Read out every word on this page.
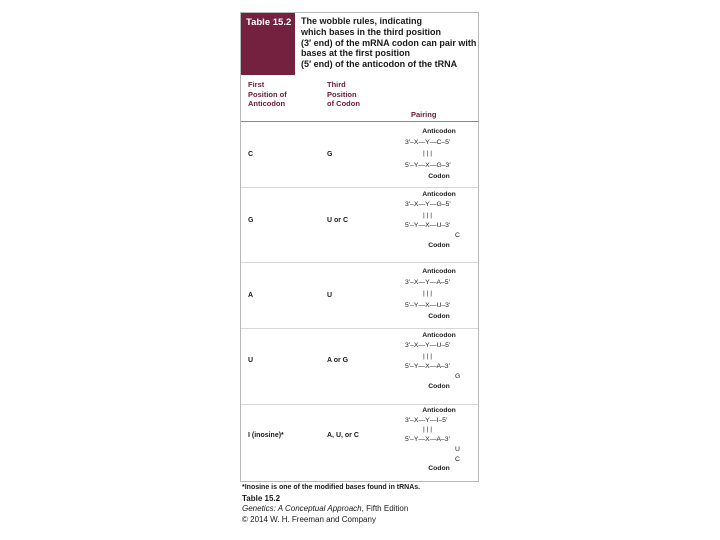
Table 15.2 The wobble rules, indicating
which bases in the third position
(3′ end) of the mRNA codon can pair with
bases at the first position
(5′ end) of the anticodon of the tRNA
First
Position of
Anticodon
Third
Position
of Codon
Pairing
C	G
Anticodon
3′–X—Y—C–5′
| | |
5′–Y—X—G–3′
Codon
G	U or C
Anticodon
3′–X—Y—G–5′
| | |
5′–Y—X—U–3′
C
Codon
A	U
Anticodon
3′–X—Y—A–5′
| | |
5′–Y—X—U–3′
Codon
U	A or G
Anticodon
3′–X—Y—U–5′
| | |
5′–Y—X—A–3′
G
Codon
I (inosine)*	A, U, or C
Anticodon
3′–X—Y—I–5′
| | |
5′–Y—X—A–3′
U
C
Codon
*Inosine is one of the modified bases found in tRNAs.
Table 15.2
Genetics: A Conceptual Approach, Fifth Edition
© 2014 W. H. Freeman and Company
